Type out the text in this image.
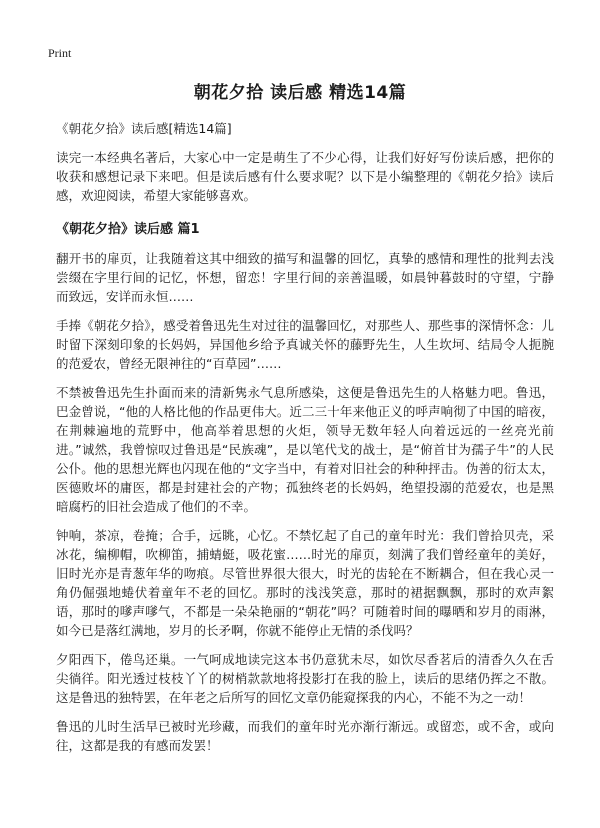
Print
朝花夕拾 读后感 精选14篇
《朝花夕拾》读后感[精选14篇]

读完一本经典名著后，大家心中一定是萌生了不少心得，让我们好好写份读后感，把你的收获和感想记录下来吧。但是读后感有什么要求呢？以下是小编整理的《朝花夕拾》读后感，欢迎阅读，希望大家能够喜欢。

《朝花夕拾》读后感 篇1

翻开书的扉页，让我随着这其中细致的描写和温馨的回忆，真挚的感情和理性的批判去浅尝缀在字里行间的记忆，怀想，留恋！字里行间的亲善温暖，如晨钟暮鼓时的守望，宁静而致远，安详而永恒……

手捧《朝花夕拾》，感受着鲁迅先生对过往的温馨回忆，对那些人、那些事的深情怀念：儿时留下深刻印象的长妈妈，异国他乡给予真诚关怀的藤野先生，人生坎坷、结局令人扼腕的范爱农，曾经无限神往的“百草园”……

不禁被鲁迅先生扑面而来的清新隽永气息所感染，这便是鲁迅先生的人格魅力吧。鲁迅，巴金曾说，“他的人格比他的作品更伟大。近二三十年来他正义的呼声响彻了中国的暗夜，在荆棘遍地的荒野中，他高举着思想的火炬，领导无数年轻人向着远远的一丝亮光前进。”诚然，我曾惊叹过鲁迅是“民族魂”，是以笔代戈的战士，是“俯首甘为孺子牛”的人民公仆。他的思想光辉也闪现在他的“文字当中，有着对旧社会的种种抨击。伪善的衍太太，医德败坏的庸医，都是封建社会的产物；孤独终老的长妈妈，绝望投溺的范爱农，也是黑暗腐朽的旧社会造成了他们的不幸。

钟响，茶凉，卷掩；合手，远眺，心忆。不禁忆起了自己的童年时光：我们曾拾贝壳，采冰花，编柳帽，吹柳笛，捕蜻蜓，吸花蜜……时光的扉页，刻满了我们曾经童年的美好，旧时光亦是青葱年华的吻痕。尽管世界很大很大，时光的齿轮在不断耦合，但在我心灵一角仍倔强地蜷伏着童年不老的回忆。那时的浅浅笑意，那时的裙据飘飘，那时的欢声絮语，那时的嗲声嗲气，不都是一朵朵艳丽的“朝花”吗？可随着时间的曝晒和岁月的雨淋，如今已是落红满地，岁月的长矛啊，你就不能停止无情的杀伐吗？

夕阳西下，倦鸟还巢。一气呵成地读完这本书仍意犹未尽，如饮尽香茗后的清香久久在舌尖徜徉。阳光透过枝枝丫丫的树梢款款地将投影打在我的脸上，读后的思绪仍挥之不散。这是鲁迅的独特罢，在年老之后所写的回忆文章仍能窥探我的内心，不能不为之一动！

鲁迅的儿时生活早已被时光珍藏，而我们的童年时光亦渐行渐远。或留恋，或不舍，或向往，这都是我的有感而发罢！
